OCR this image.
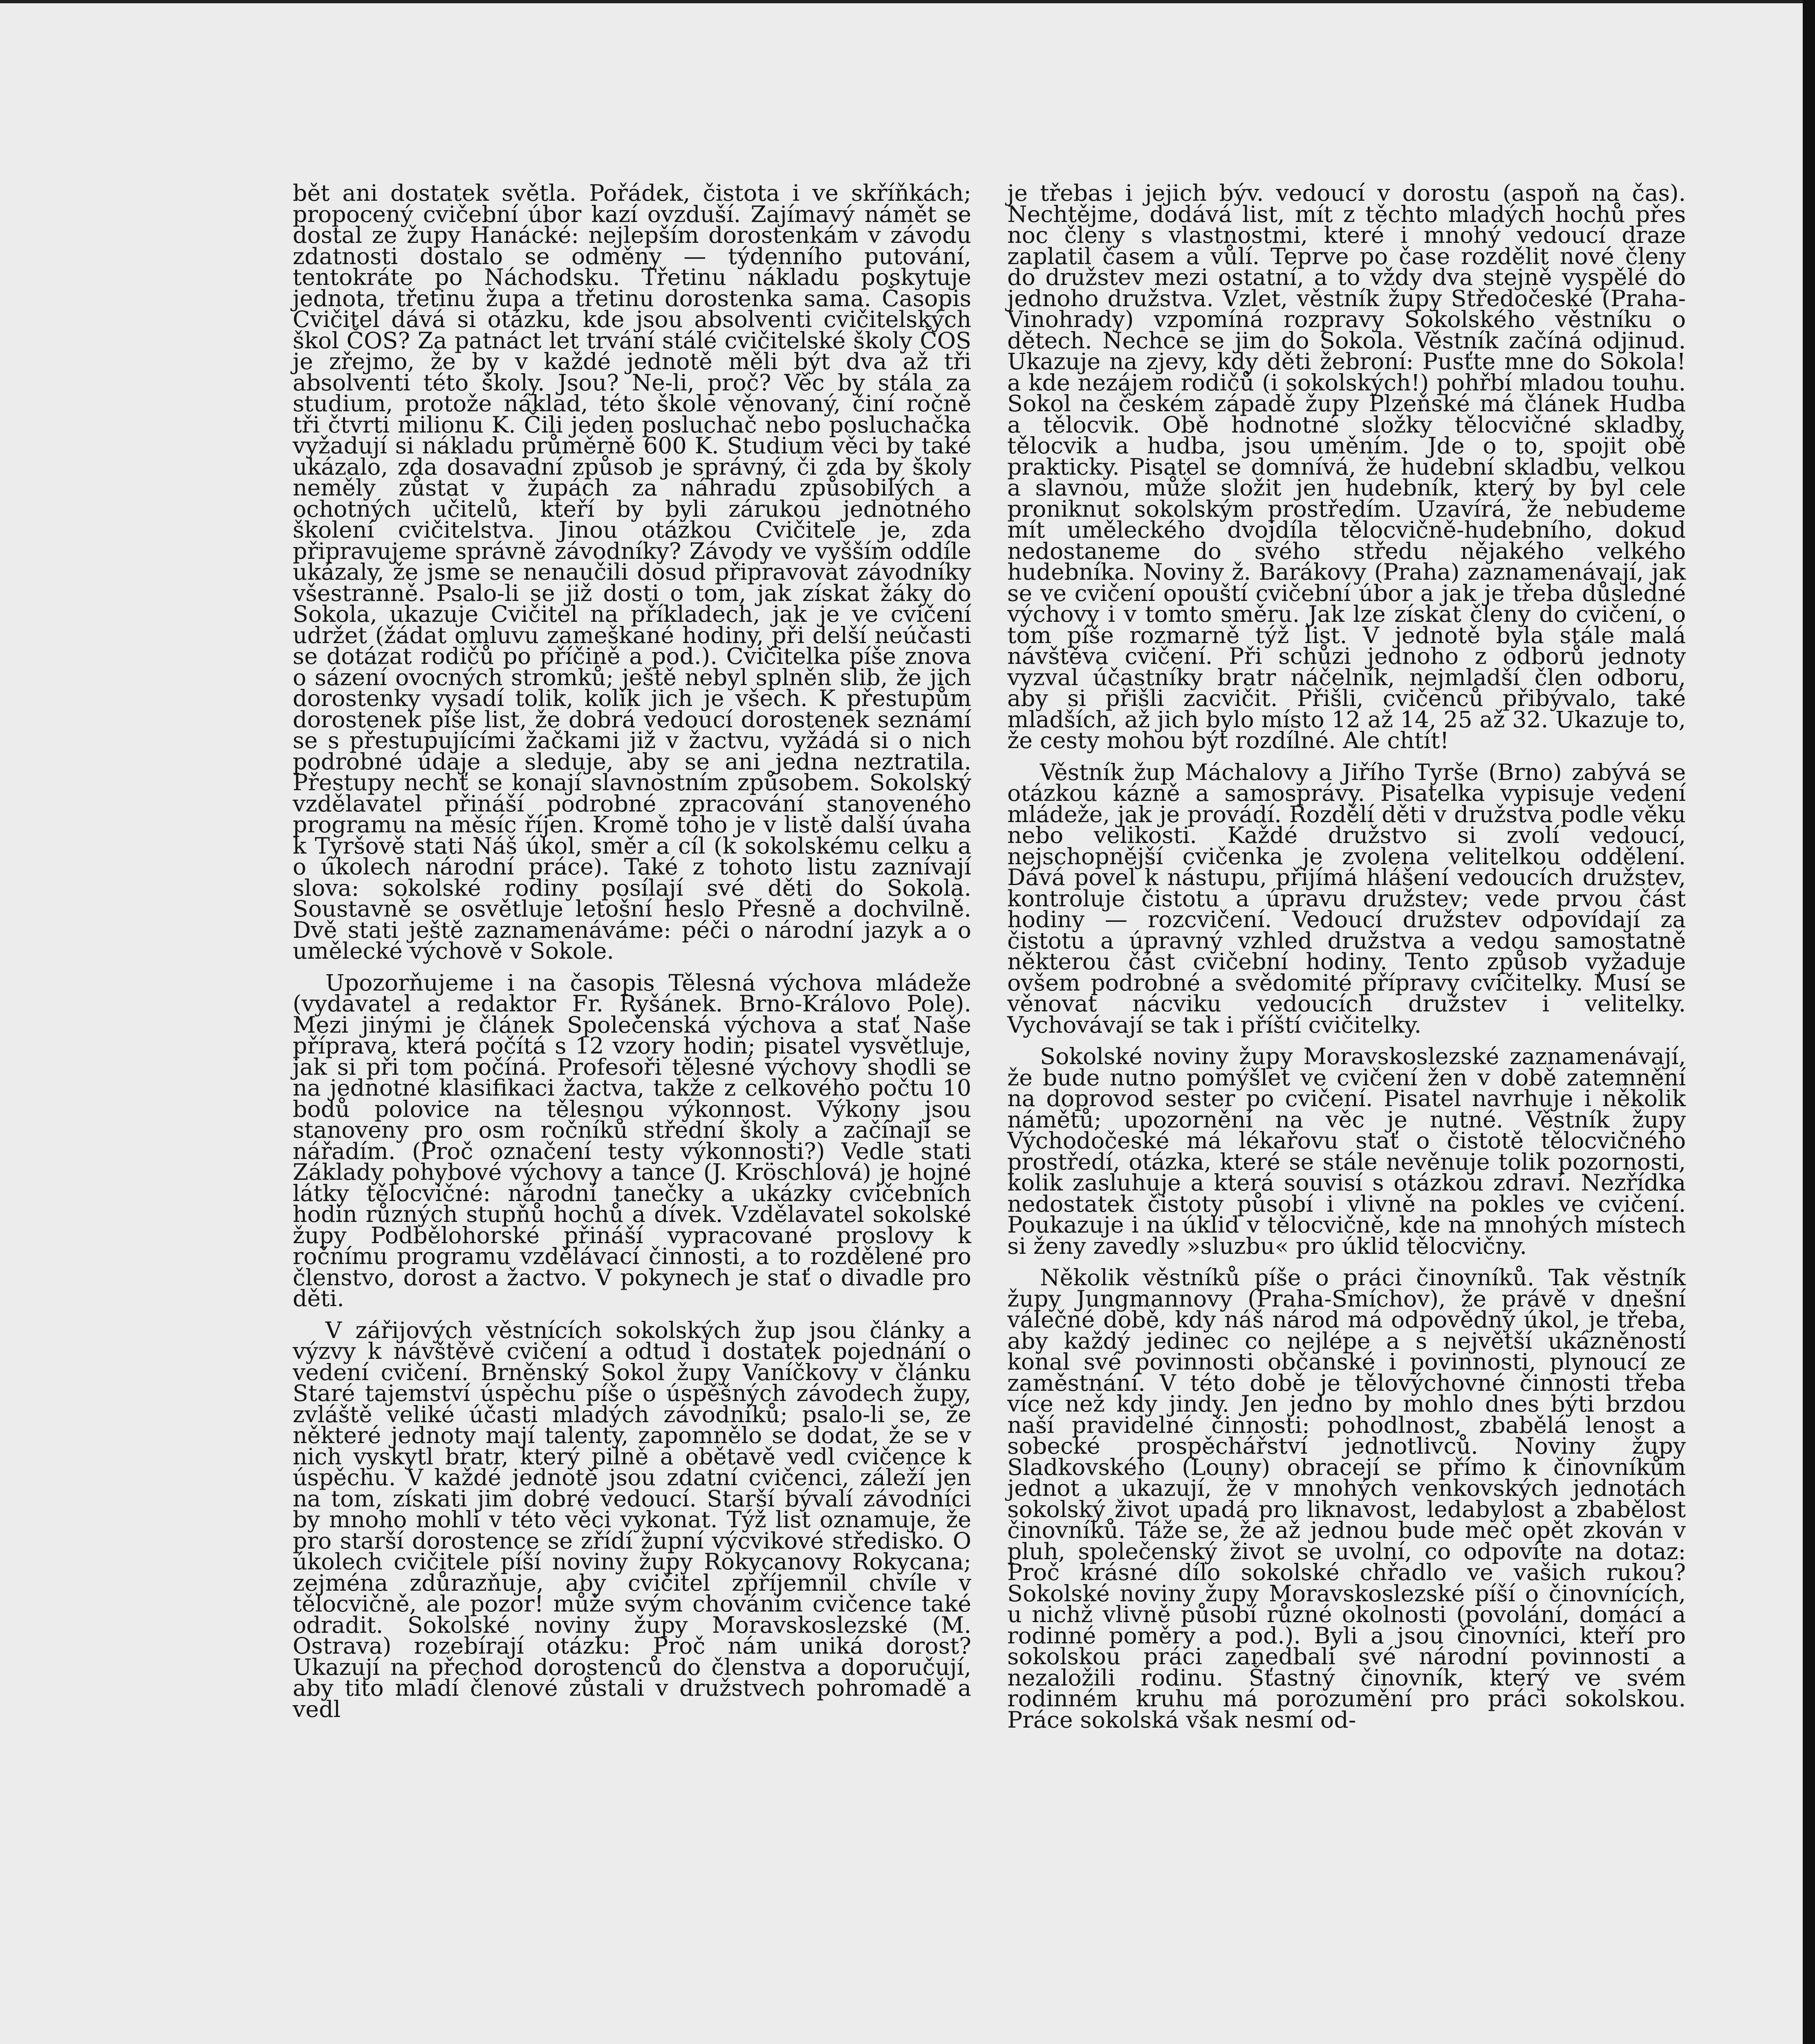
bět ani dostatek světla. Pořádek, čistota i ve skříňkách; propocený cvičební úbor kazí ovzduší. Zajímavý námět se dostal ze župy Hanácké: nejlepším dorostenkám v závodu zdatnosti dostalo se odměny — týdenního putování, tentokráte po Náchodsku. Třetinu nákladu poskytuje jednota, třetinu župa a třetinu dorostenka sama. Časopis Cvičitel dává si otázku, kde jsou absolventi cvičitelských škol ČOS? Za patnáct let trvání stálé cvičitelské školy ČOS je zřejmo, že by v každé jednotě měli být dva až tři absolventi této školy. Jsou? Ne-li, proč? Věc by stála za studium, protože náklad, této škole věnovaný, činí ročně tři čtvrti milionu K. Čili jeden posluchač nebo posluchačka vyžadují si nákladu průměrně 600 K. Studium věci by také ukázalo, zda dosavadní způsob je správný, či zda by školy neměly zůstat v župách za náhradu způsobilých a ochotných učitelů, kteří by byli zárukou jednotného školení cvičitelstva. Jinou otázkou Cvičitele je, zda připravujeme správně závodníky? Závody ve vyšším oddíle ukázaly, že jsme se nenaučili dosud připravovat závodníky všestranně. Psalo-li se již dosti o tom, jak získat žáky do Sokola, ukazuje Cvičitel na příkladech, jak je ve cvičení udržet (žádat omluvu zameškané hodiny, při delší neúčasti se dotázat rodičů po příčině a pod.). Cvičitelka píše znova o sázení ovocných stromků; ještě nebyl splněn slib, že jich dorostenky vysadí tolik, kolik jich je všech. K přestupům dorostenek píše list, že dobrá vedoucí dorostenek seznámí se s přestupujícími žačkami již v žactvu, vyžádá si o nich podrobné údaje a sleduje, aby se ani jedna neztratila. Přestupy nechť se konají slavnostním způsobem. Sokolský vzdělavatel přináší podrobné zpracování stanoveného programu na měsíc říjen. Kromě toho je v listě další úvaha k Tyršově stati Náš úkol, směr a cíl (k sokolskému celku a o úkolech národní práce). Také z tohoto listu zaznívají slova: sokolské rodiny posílají své děti do Sokola. Soustavně se osvětluje letošní heslo Přesně a dochvilně. Dvě stati ještě zaznamenáváme: péči o národní jazyk a o umělecké výchově v Sokole.

Upozorňujeme i na časopis Tělesná výchova mládeže (vydavatel a redaktor Fr. Ryšánek. Brno-Královo Pole). Mezi jinými je článek Společenská výchova a stať Naše příprava, která počítá s 12 vzory hodin; pisatel vysvětluje, jak si při tom počíná. Profesoři tělesné výchovy shodli se na jednotné klasifikaci žactva, takže z celkového počtu 10 bodů polovice na tělesnou výkonnost. Výkony jsou stanoveny pro osm ročníků střední školy a začínají se nářadím. (Proč označení testy výkonnosti?) Vedle stati Základy pohybové výchovy a tance (J. Kröschlová) je hojné látky tělocvičné: národní tanečky a ukázky cvičebních hodin různých stupňů hochů a dívek. Vzdělavatel sokolské župy Podbělohorské přináší vypracované proslovy k ročnímu programu vzdělávací činnosti, a to rozdělené pro členstvo, dorost a žactvo. V pokynech je stať o divadle pro děti.

V zářijových věstnících sokolských žup jsou články a výzvy k návštěvě cvičení a odtud i dostatek pojednání o vedení cvičení. Brněnský Sokol župy Vaníčkovy v článku Staré tajemství úspěchu píše o úspěšných závodech župy, zvláště veliké účasti mladých závodníků; psalo-li se, že některé jednoty mají talenty, zapomnělo se dodat, že se v nich vyskytl bratr, který pilně a obětavě vedl cvičence k úspěchu. V každé jednotě jsou zdatní cvičenci, záleží jen na tom, získati jim dobré vedoucí. Starší bývalí závodníci by mnoho mohli v této věci vykonat. Týž list oznamuje, že pro starší dorostence se zřídí župní výcvikové středisko. O úkolech cvičitele píší noviny župy Rokycanovy Rokycana; zejména zdůrazňuje, aby cvičitel zpříjemnil chvíle v tělocvičně, ale pozor! může svým chováním cvičence také odradit. Sokolské noviny župy Moravskoslezské (M. Ostrava) rozebírají otázku: Proč nám uniká dorost? Ukazují na přechod dorostenců do členstva a doporučují, aby tito mladí členové zůstali v družstvech pohromadě a vedl

je třebas i jejich býv. vedoucí v dorostu (aspoň na čas). Nechtějme, dodává list, mít z těchto mladých hochů přes noc členy s vlastnostmi, které i mnohý vedoucí draze zaplatil časem a vůlí. Teprve po čase rozdělit nové členy do družstev mezi ostatní, a to vždy dva stejně vyspělé do jednoho družstva. Vzlet, věstník župy Středočeské (Praha-Vinohrady) vzpomíná rozpravy Sokolského věstníku o dětech. Nechce se jim do Sokola. Věstník začíná odjinud. Ukazuje na zjevy, kdy děti žebroní: Pusťte mne do Sokola! a kde nezájem rodičů (i sokolských!) pohřbí mladou touhu. Sokol na českém západě župy Plzeňské má článek Hudba a tělocvik. Obě hodnotné složky tělocvičné skladby, tělocvik a hudba, jsou uměním. Jde o to, spojit obě prakticky. Pisatel se domnívá, že hudební skladbu, velkou a slavnou, může složit jen hudebník, který by byl cele proniknut sokolským prostředím. Uzavírá, že nebudeme mít uměleckého dvojdíla tělocvičně-hudebního, dokud nedostaneme do svého středu nějakého velkého hudebníka. Noviny ž. Barákovy (Praha) zaznamenávají, jak se ve cvičení opouští cvičební úbor a jak je třeba důsledné výchovy i v tomto směru. Jak lze získat členy do cvičení, o tom píše rozmarně týž list. V jednotě byla stále malá návštěva cvičení. Při schůzi jednoho z odborů jednoty vyzval účastníky bratr náčelník, nejmladší člen odboru, aby si přišli zacvičit. Přišli, cvičenců přibývalo, také mladších, až jich bylo místo 12 až 14, 25 až 32. Ukazuje to, že cesty mohou být rozdílné. Ale chtít!

Věstník žup Máchalovy a Jiřího Tyrše (Brno) zabývá se otázkou kázně a samosprávy. Pisatelka vypisuje vedení mládeže, jak je provádí. Rozdělí děti v družstva podle věku nebo velikosti. Každé družstvo si zvolí vedoucí, nejschopnější cvičenka je zvolena velitelkou oddělení. Dává povel k nástupu, přijímá hlášení vedoucích družstev, kontroluje čistotu a úpravu družstev; vede prvou část hodiny — rozcvičení. Vedoucí družstev odpovídají za čistotu a úpravný vzhled družstva a vedou samostatně některou část cvičební hodiny. Tento způsob vyžaduje ovšem podrobné a svědomité přípravy cvičitelky. Musí se věnovat nácviku vedoucích družstev i velitelky. Vychovávají se tak i příští cvičitelky.

Sokolské noviny župy Moravskoslezské zaznamenávají, že bude nutno pomýšlet ve cvičení žen v době zatemnění na doprovod sester po cvičení. Pisatel navrhuje i několik námětů; upozornění na věc je nutné. Věstník župy Východočeské má lékařovu stať o čistotě tělocvičného prostředí, otázka, které se stále nevěnuje tolik pozornosti, kolik zasluhuje a která souvisí s otázkou zdraví. Nezřídka nedostatek čistoty působí i vlivně na pokles ve cvičení. Poukazuje i na úklid v tělocvičně, kde na mnohých místech si ženy zavedly »sluzbu« pro úklid tělocvičny.

Několik věstníků píše o práci činovníků. Tak věstník župy Jungmannovy (Praha-Smíchov), že právě v dnešní válečné době, kdy náš národ má odpovědný úkol, je třeba, aby každý jedinec co nejlépe a s největší ukázněností konal své povinnosti občanské i povinnosti, plynoucí ze zaměstnání. V této době je tělovýchovné činnosti třeba více než kdy jindy. Jen jedno by mohlo dnes býti brzdou naší pravidelné činnosti: pohodlnost, zbabělá lenost a sobecké prospěchářství jednotlivců. Noviny župy Sladkovského (Louny) obracejí se přímo k činovníkům jednot a ukazují, že v mnohých venkovských jednotách sokolský život upadá pro liknavost, ledabylost a zbabělost činovníků. Táže se, že až jednou bude meč opět zkován v pluh, společenský život se uvolní, co odpovíte na dotaz: Proč krásné dílo sokolské chřadlo ve vašich rukou? Sokolské noviny župy Moravskoslezské píší o činovnících, u nichž vlivně působí různé okolnosti (povolání, domácí a rodinné poměry a pod.). Byli a jsou činovníci, kteří pro sokolskou práci zanedbali své národní povinnosti a nezaložili rodinu. Šťastný činovník, který ve svém rodinném kruhu má porozumění pro práci sokolskou. Práce sokolská však nesmí od-
